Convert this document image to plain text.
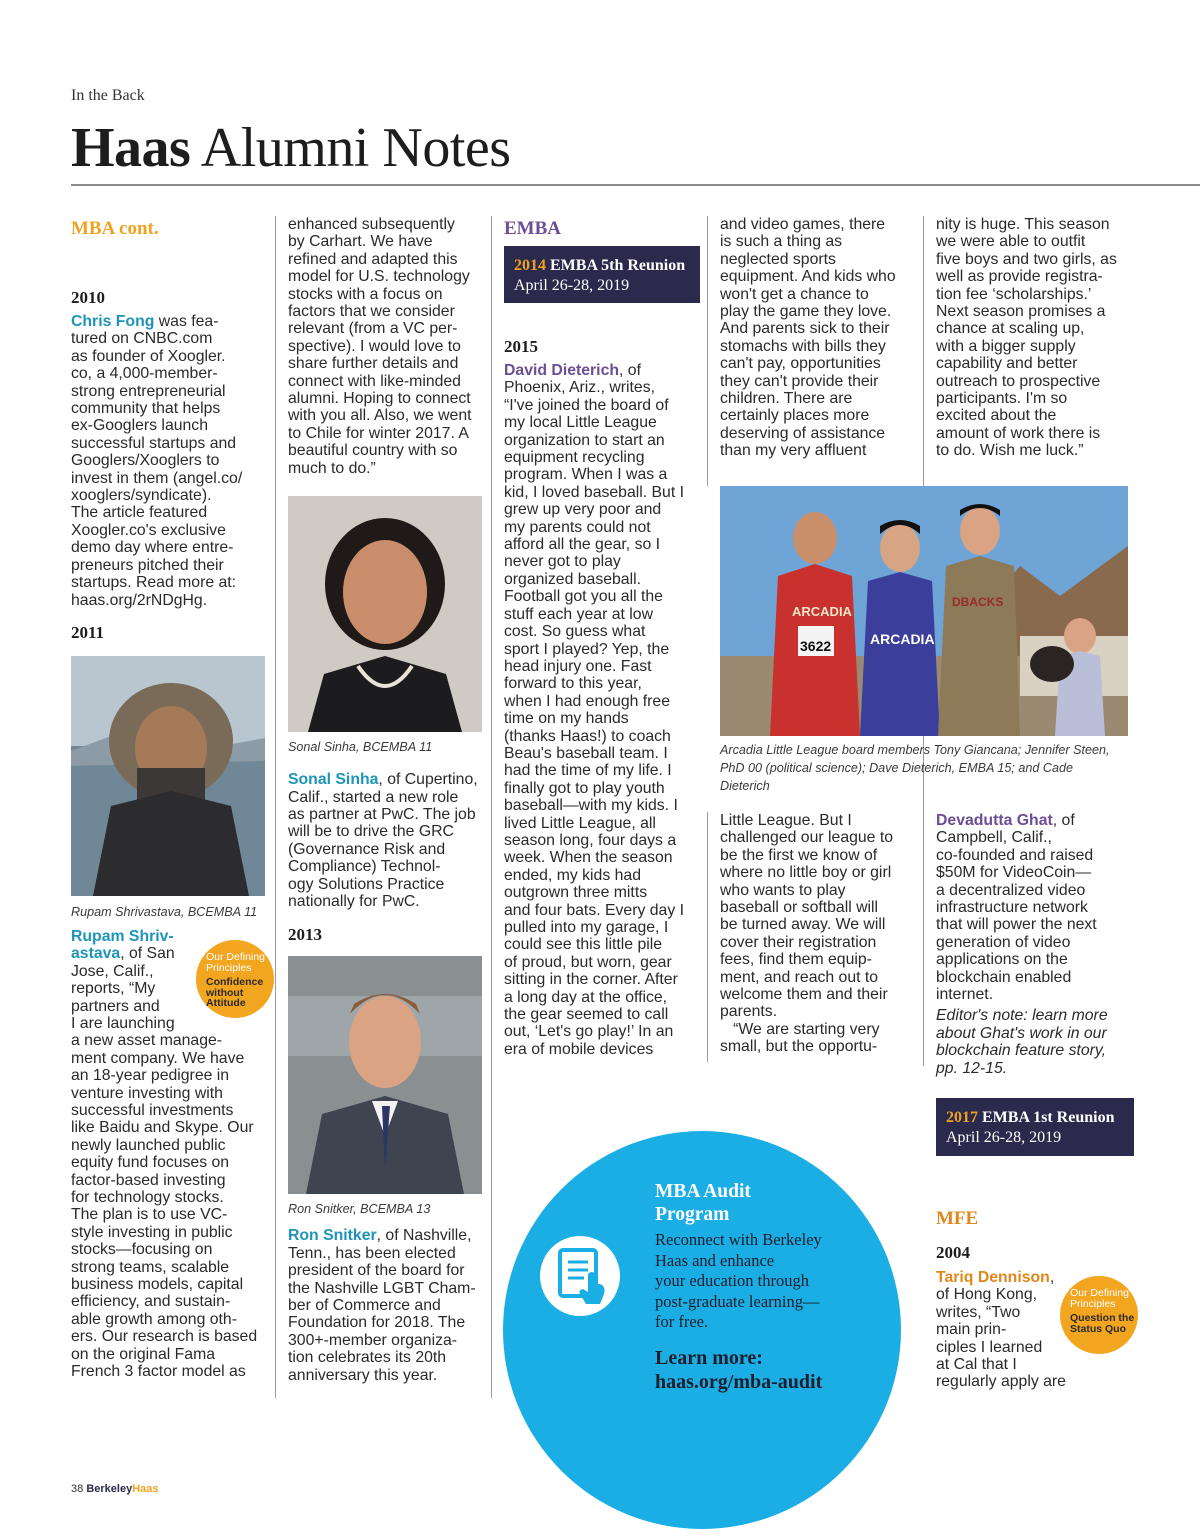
In the Back
Haas Alumni Notes
MBA cont.
2010
Chris Fong was fea-
tured on CNBC.com
as founder of Xoogler.
co, a 4,000-member-
strong entrepreneurial
community that helps
ex-Googlers launch
successful startups and
Googlers/Xooglers to
invest in them (angel.co/
xooglers/syndicate).
The article featured
Xoogler.co's exclusive
demo day where entre-
preneurs pitched their
startups. Read more at:
haas.org/2rNDgHg.
2011
Rupam Shrivastava, BCEMBA 11
Rupam Shriv-
astava, of San
Jose, Calif.,
reports, “My
partners and
I are launching
a new asset manage-
ment company. We have
an 18-year pedigree in
venture investing with
successful investments
like Baidu and Skype. Our
newly launched public
equity fund focuses on
factor-based investing
for technology stocks.
The plan is to use VC-
style investing in public
stocks—focusing on
strong teams, scalable
business models, capital
efficiency, and sustain-
able growth among oth-
ers. Our research is based
on the original Fama
French 3 factor model as
Our Defining Principles
Confidence without Attitude
enhanced subsequently
by Carhart. We have
refined and adapted this
model for U.S. technology
stocks with a focus on
factors that we consider
relevant (from a VC per-
spective). I would love to
share further details and
connect with like-minded
alumni. Hoping to connect
with you all. Also, we went
to Chile for winter 2017. A
beautiful country with so
much to do.”
Sonal Sinha, BCEMBA 11
Sonal Sinha, of Cupertino,
Calif., started a new role
as partner at PwC. The job
will be to drive the GRC
(Governance Risk and
Compliance) Technol-
ogy Solutions Practice
nationally for PwC.
2013
Ron Snitker, BCEMBA 13
Ron Snitker, of Nashville,
Tenn., has been elected
president of the board for
the Nashville LGBT Cham-
ber of Commerce and
Foundation for 2018. The
300+-member organiza-
tion celebrates its 20th
anniversary this year.
EMBA
2014 EMBA 5th Reunion
April 26-28, 2019
2015
David Dieterich, of
Phoenix, Ariz., writes,
“I've joined the board of
my local Little League
organization to start an
equipment recycling
program. When I was a
kid, I loved baseball. But I
grew up very poor and
my parents could not
afford all the gear, so I
never got to play
organized baseball.
Football got you all the
stuff each year at low
cost. So guess what
sport I played? Yep, the
head injury one. Fast
forward to this year,
when I had enough free
time on my hands
(thanks Haas!) to coach
Beau's baseball team. I
had the time of my life. I
finally got to play youth
baseball—with my kids. I
lived Little League, all
season long, four days a
week. When the season
ended, my kids had
outgrown three mitts
and four bats. Every day I
pulled into my garage, I
could see this little pile
of proud, but worn, gear
sitting in the corner. After
a long day at the office,
the gear seemed to call
out, ‘Let's go play!’ In an
era of mobile devices
and video games, there
is such a thing as
neglected sports
equipment. And kids who
won't get a chance to
play the game they love.
And parents sick to their
stomachs with bills they
can't pay, opportunities
they can't provide their
children. There are
certainly places more
deserving of assistance
than my very affluent
nity is huge. This season
we were able to outfit
five boys and two girls, as
well as provide registra-
tion fee ‘scholarships.’
Next season promises a
chance at scaling up,
with a bigger supply
capability and better
outreach to prospective
participants. I'm so
excited about the
amount of work there is
to do. Wish me luck.”
ARCADIA
3622	ARCADIA
DBACKS
Arcadia Little League board members Tony Giancana; Jennifer Steen, PhD 00 (political science); Dave Dieterich, EMBA 15; and Cade Dieterich
Little League. But I
challenged our league to
be the first we know of
where no little boy or girl
who wants to play
baseball or softball will
be turned away. We will
cover their registration
fees, find them equip-
ment, and reach out to
welcome them and their
parents.
“We are starting very
small, but the opportu-
Devadutta Ghat, of
Campbell, Calif.,
co-founded and raised
$50M for VideoCoin—
a decentralized video
infrastructure network
that will power the next
generation of video
applications on the
blockchain enabled
internet.
Editor's note: learn more
about Ghat's work in our
blockchain feature story,
pp. 12-15.
2017 EMBA 1st Reunion
April 26-28, 2019
MFE
2004
Tariq Dennison,
of Hong Kong,
writes, “Two
main prin-
ciples I learned
at Cal that I
regularly apply are
Our Defining Principles
Question the Status Quo
MBA Audit
Program
Reconnect with Berkeley
Haas and enhance
your education through
post-graduate learning—
for free.
Learn more:
haas.org/mba-audit
38 BerkeleyHaas
